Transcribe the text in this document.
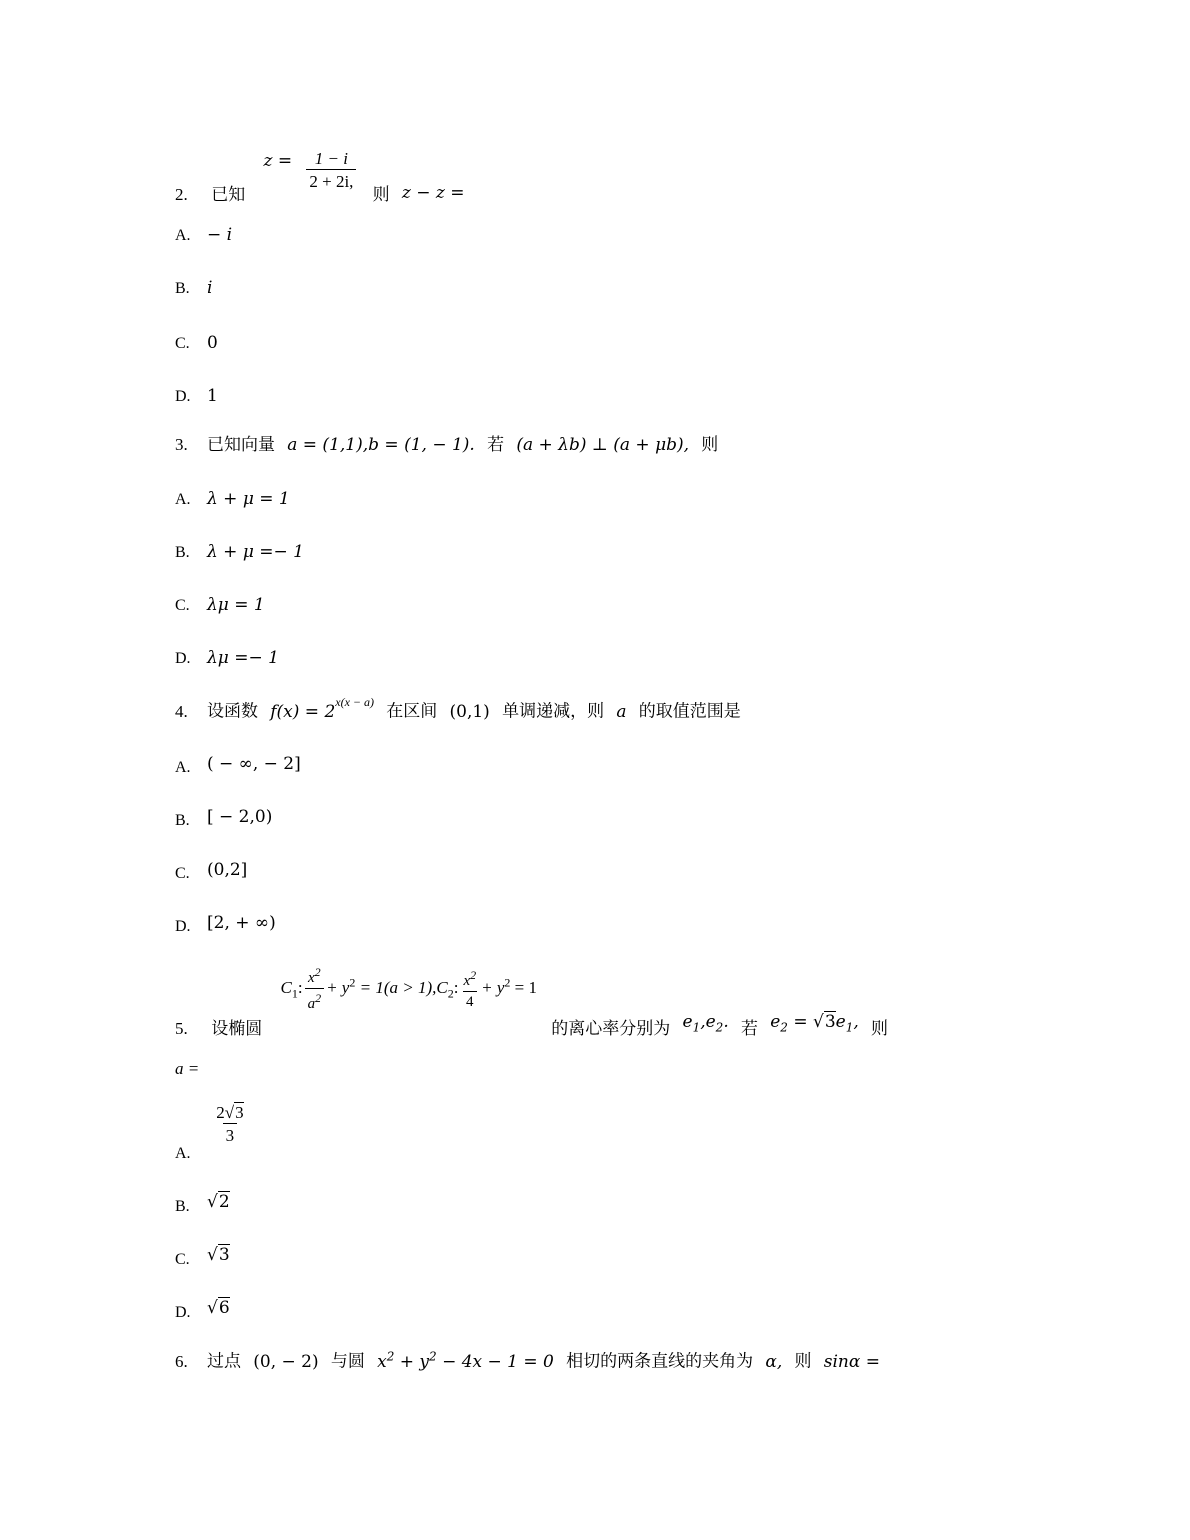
2. 已知 $z = \frac{1 - i}{2 + 2i,}$
则 z − z =
A. − i
B. i
C. 0
D. 1
3. 已知向量 a = (1,1),b = (1, − 1). 若 (a + λb) ⊥ (a + μb), 则
A. λ + μ = 1
B. λ + μ =− 1
C. λμ = 1
D. λμ =− 1
4. 设函数 $f(x) = 2^{x(x - a)}$ 在区间 (0,1) 单调递减，则 a 的取值范围是
A. ( − ∞, − 2]
B. [ − 2,0)
C. (0,2]
D. [2, + ∞)
5. 设椭圆 $C_1$: $\frac{x^2}{a^2} + y^2 = 1(a > 1),C_2$: $\frac{x^2}{4} + y^2 = 1$ 的离心率分别为 $e_1,e_2$. 若 $e_2 = √3e_1$, 则
a =
A.
$\frac{2√3}{3}$
B. √2
C. √3
D. √6
6. 过点 (0, − 2) 与圆 $x^2 + y^2 - 4x - 1 = 0$ 相切的两条直线的夹角为 α, 则 sinα =
